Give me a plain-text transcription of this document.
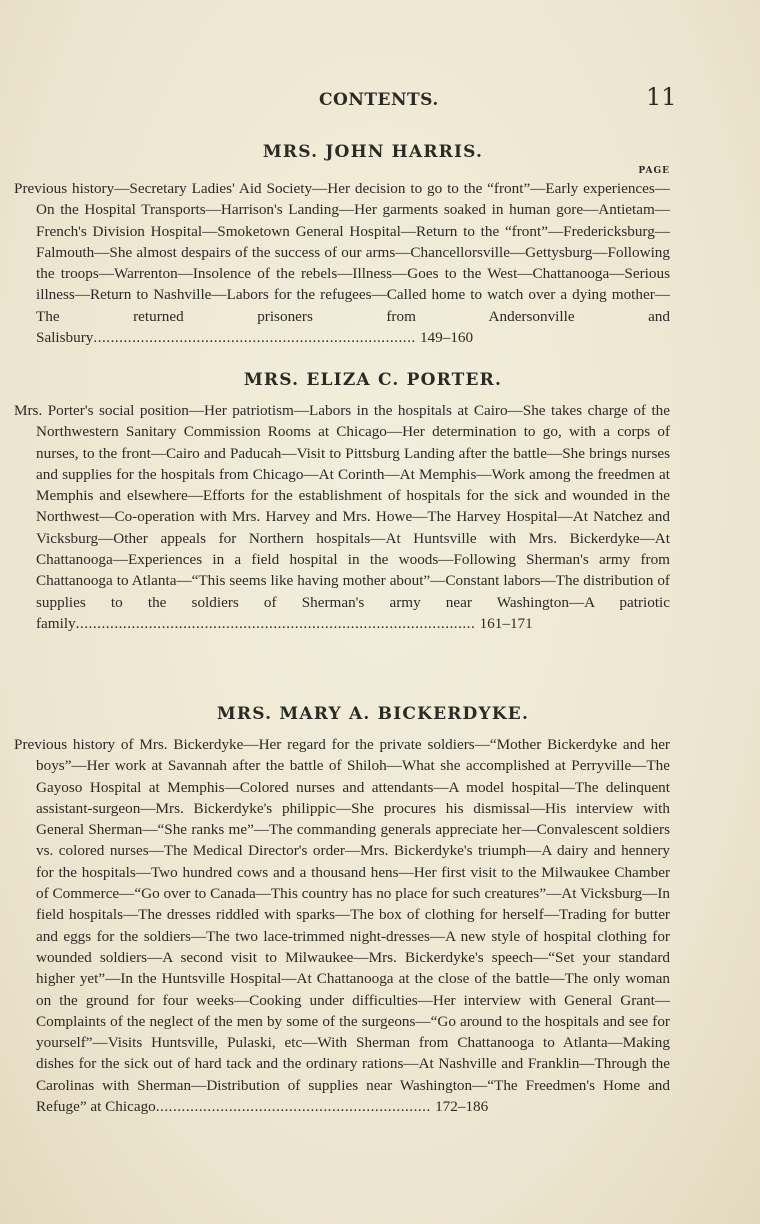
CONTENTS.	11
MRS. JOHN HARRIS.
PAGE

Previous history—Secretary Ladies' Aid Society—Her decision to go to the “front”—Early experiences—On the Hospital Transports—Harrison's Landing—Her garments soaked in human gore—Antietam—French's Division Hospital—Smoketown General Hospital—Return to the “front”—Fredericksburg—Falmouth—She almost despairs of the success of our arms—Chancellorsville—Gettysburg—Following the troops—Warrenton—Insolence of the rebels—Illness—Goes to the West—Chattanooga—Serious illness—Return to Nashville—Labors for the refugees—Called home to watch over a dying mother—The returned prisoners from Andersonville and Salisbury........................................................................... 149–160

MRS. ELIZA C. PORTER.

Mrs. Porter's social position—Her patriotism—Labors in the hospitals at Cairo—She takes charge of the Northwestern Sanitary Commission Rooms at Chicago—Her determination to go, with a corps of nurses, to the front—Cairo and Paducah—Visit to Pittsburg Landing after the battle—She brings nurses and supplies for the hospitals from Chicago—At Corinth—At Memphis—Work among the freedmen at Memphis and elsewhere—Efforts for the establishment of hospitals for the sick and wounded in the Northwest—Co-operation with Mrs. Harvey and Mrs. Howe—The Harvey Hospital—At Natchez and Vicksburg—Other appeals for Northern hospitals—At Huntsville with Mrs. Bickerdyke—At Chattanooga—Experiences in a field hospital in the woods—Following Sherman's army from Chattanooga to Atlanta—“This seems like having mother about”—Constant labors—The distribution of supplies to the soldiers of Sherman's army near Washington—A patriotic family............................................................................................. 161–171

MRS. MARY A. BICKERDYKE.

Previous history of Mrs. Bickerdyke—Her regard for the private soldiers—“Mother Bickerdyke and her boys”—Her work at Savannah after the battle of Shiloh—What she accomplished at Perryville—The Gayoso Hospital at Memphis—Colored nurses and attendants—A model hospital—The delinquent assistant-surgeon—Mrs. Bickerdyke's philippic—She procures his dismissal—His interview with General Sherman—“She ranks me”—The commanding generals appreciate her—Convalescent soldiers vs. colored nurses—The Medical Director's order—Mrs. Bickerdyke's triumph—A dairy and hennery for the hospitals—Two hundred cows and a thousand hens—Her first visit to the Milwaukee Chamber of Commerce—“Go over to Canada—This country has no place for such creatures”—At Vicksburg—In field hospitals—The dresses riddled with sparks—The box of clothing for herself—Trading for butter and eggs for the soldiers—The two lace-trimmed night-dresses—A new style of hospital clothing for wounded soldiers—A second visit to Milwaukee—Mrs. Bickerdyke's speech—“Set your standard higher yet”—In the Huntsville Hospital—At Chattanooga at the close of the battle—The only woman on the ground for four weeks—Cooking under difficulties—Her interview with General Grant—Complaints of the neglect of the men by some of the surgeons—“Go around to the hospitals and see for yourself”—Visits Huntsville, Pulaski, etc—With Sherman from Chattanooga to Atlanta—Making dishes for the sick out of hard tack and the ordinary rations—At Nashville and Franklin—Through the Carolinas with Sherman—Distribution of supplies near Washington—“The Freedmen's Home and Refuge” at Chicago................................................................ 172–186
